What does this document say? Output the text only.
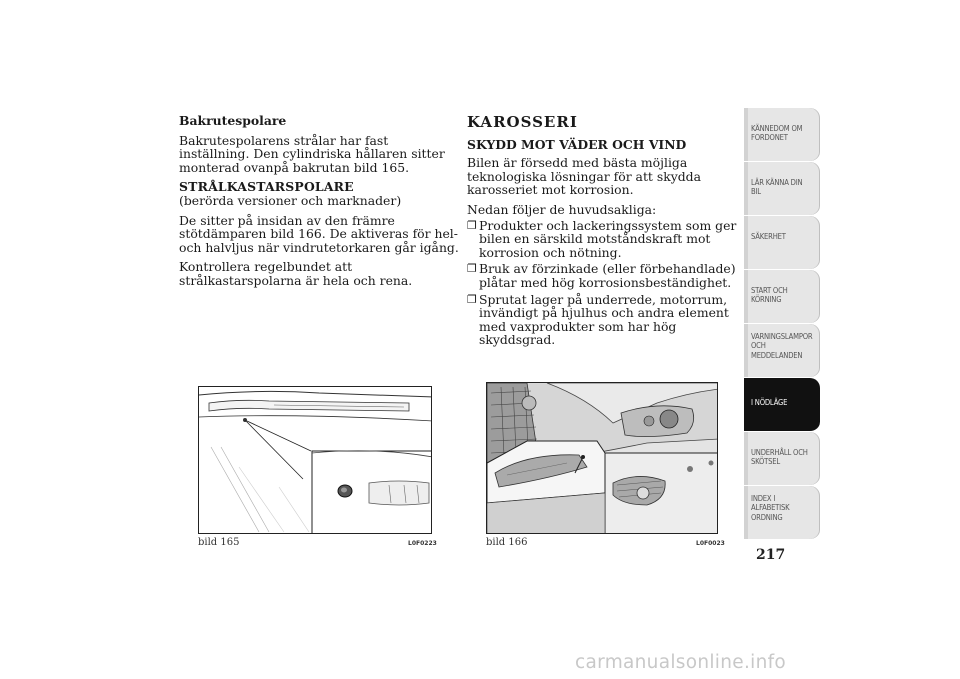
Bakrutespolare

Bakrutespolarens strålar har fast inställning. Den cylindriska hållaren sitter monterad ovanpå bakrutan bild 165.

STRÅLKASTARSPOLARE
(berörda versioner och marknader)

De sitter på insidan av den främre stötdämparen bild 166. De aktiveras för hel- och halvljus när vindrutetorkaren går igång.

Kontrollera regelbundet att strålkastarspolarna är hela och rena.

KAROSSERI
SKYDD MOT VÄDER OCH VIND

Bilen är försedd med bästa möjliga teknologiska lösningar för att skydda karosseriet mot korrosion.

Nedan följer de huvudsakliga:

❐ Produkter och lackeringssystem som ger bilen en särskild motståndskraft mot korrosion och nötning.
❐ Bruk av förzinkade (eller förbehandlade) plåtar med hög korrosionsbeständighet.
❐ Sprutat lager på underrede, motorrum, invändigt på hjulhus och andra element med vaxprodukter som har hög skyddsgrad.
bild 165	L0F0223	bild 166	L0F0023
KÄNNEDOM OM
FORDONET
LÄR KÄNNA DIN
BIL
SÄKERHET
START OCH
KÖRNING
VARNINGSLAMPOR
OCH
MEDDELANDEN
I NÖDLÄGE
UNDERHÅLL OCH
SKÖTSEL
INDEX I
ALFABETISK
ORDNING
217
carmanualsonline.info
